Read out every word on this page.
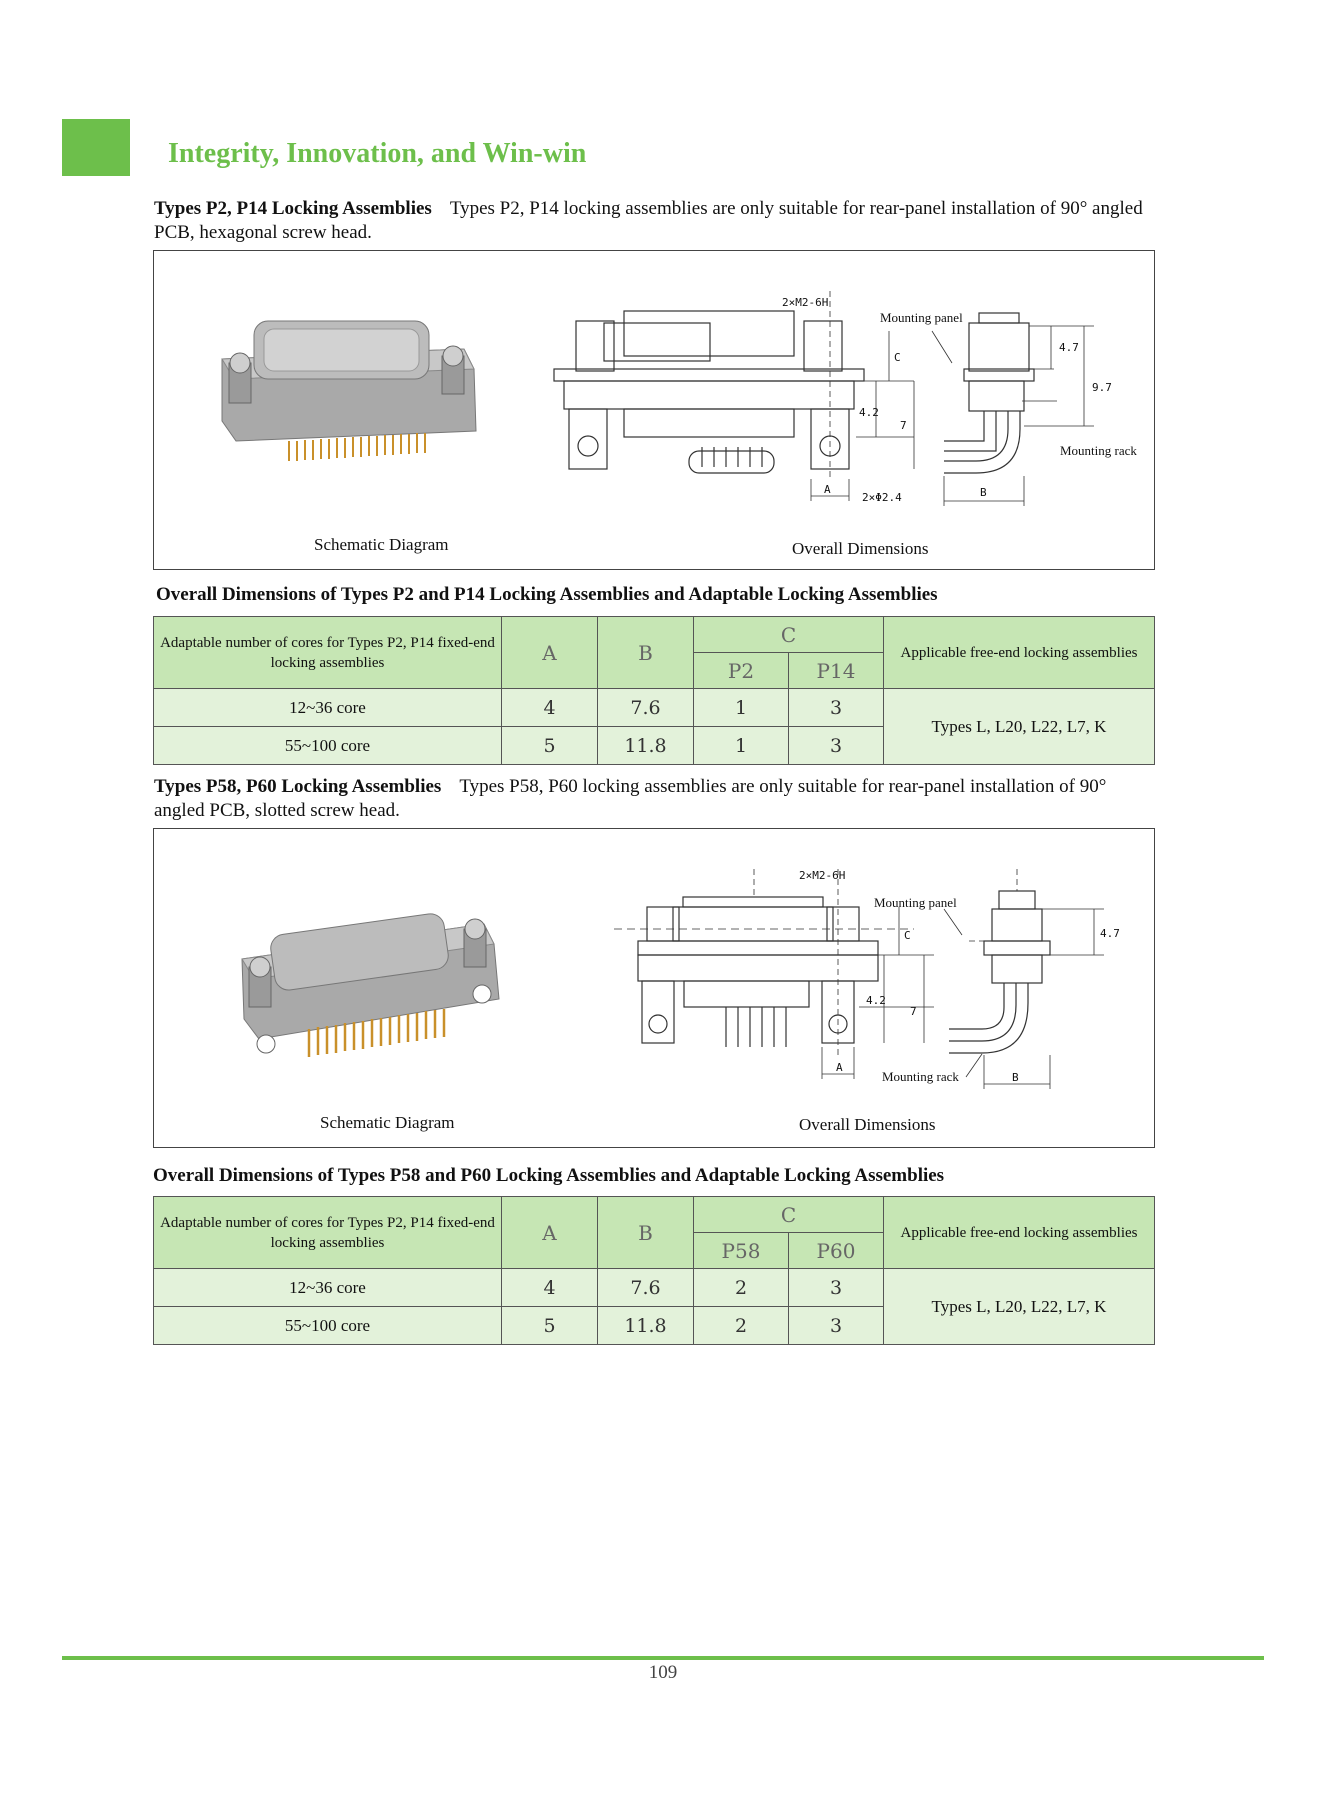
Integrity, Innovation, and Win-win
Types P2, P14 Locking Assemblies Types P2, P14 locking assemblies are only suitable for rear-panel installation of 90° angled PCB, hexagonal screw head.
2×M2-6H
C
4.2
7
A
2×Φ2.4
Mounting panel
Mounting rack
4.7
9.7
B
Schematic Diagram	Overall Dimensions
Overall Dimensions of Types P2 and P14 Locking Assemblies and Adaptable Locking Assemblies
Adaptable number of cores for Types P2, P14 fixed-end locking assemblies	A	B	C		Applicable free-end locking assemblies
			P2	P14	
12~36 core	4	7.6	1	3	Types L, L20, L22, L7, K
55~100 core	5	11.8	1	3	
Types P58, P60 Locking Assemblies Types P58, P60 locking assemblies are only suitable for rear-panel installation of 90° angled PCB, slotted screw head.
2×M2-6H
C
4.2
7
A
Mounting panel
Mounting rack
4.7
B
Schematic Diagram	Overall Dimensions
Overall Dimensions of Types P58 and P60 Locking Assemblies and Adaptable Locking Assemblies
Adaptable number of cores for Types P2, P14 fixed-end locking assemblies	A	B	C		Applicable free-end locking assemblies
			P58	P60	
12~36 core	4	7.6	2	3	Types L, L20, L22, L7, K
55~100 core	5	11.8	2	3	
109
